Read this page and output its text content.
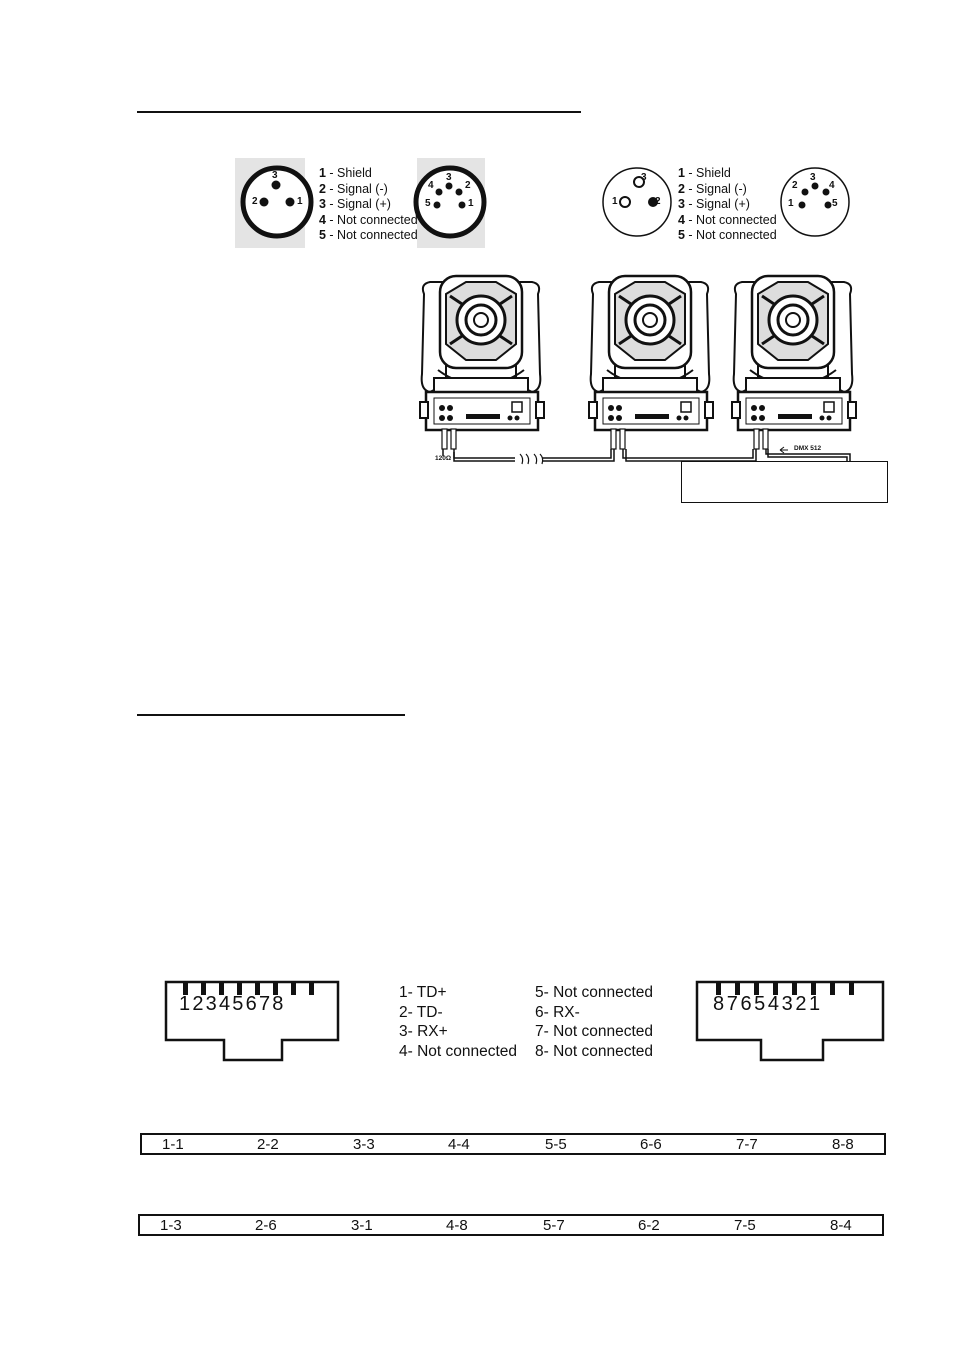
3
2	1
4
3
2
5	1
3
1	2
2
3
4
1	5
1 - Shield
2 - Signal (-)
3 - Signal (+)
4 - Not connected
5 - Not connected
1 - Shield
2 - Signal (-)
3 - Signal (+)
4 - Not connected
5 - Not connected
120Ω
DMX 512
12345678	87654321
1- TD+
2- TD-
3- RX+
4- Not connected
5- Not connected
6- RX-
7- Not connected
8- Not connected
1-1	2-2	3-3	4-4	5-5	6-6	7-7	8-8
1-3	2-6	3-1	4-8	5-7	6-2	7-5	8-4
